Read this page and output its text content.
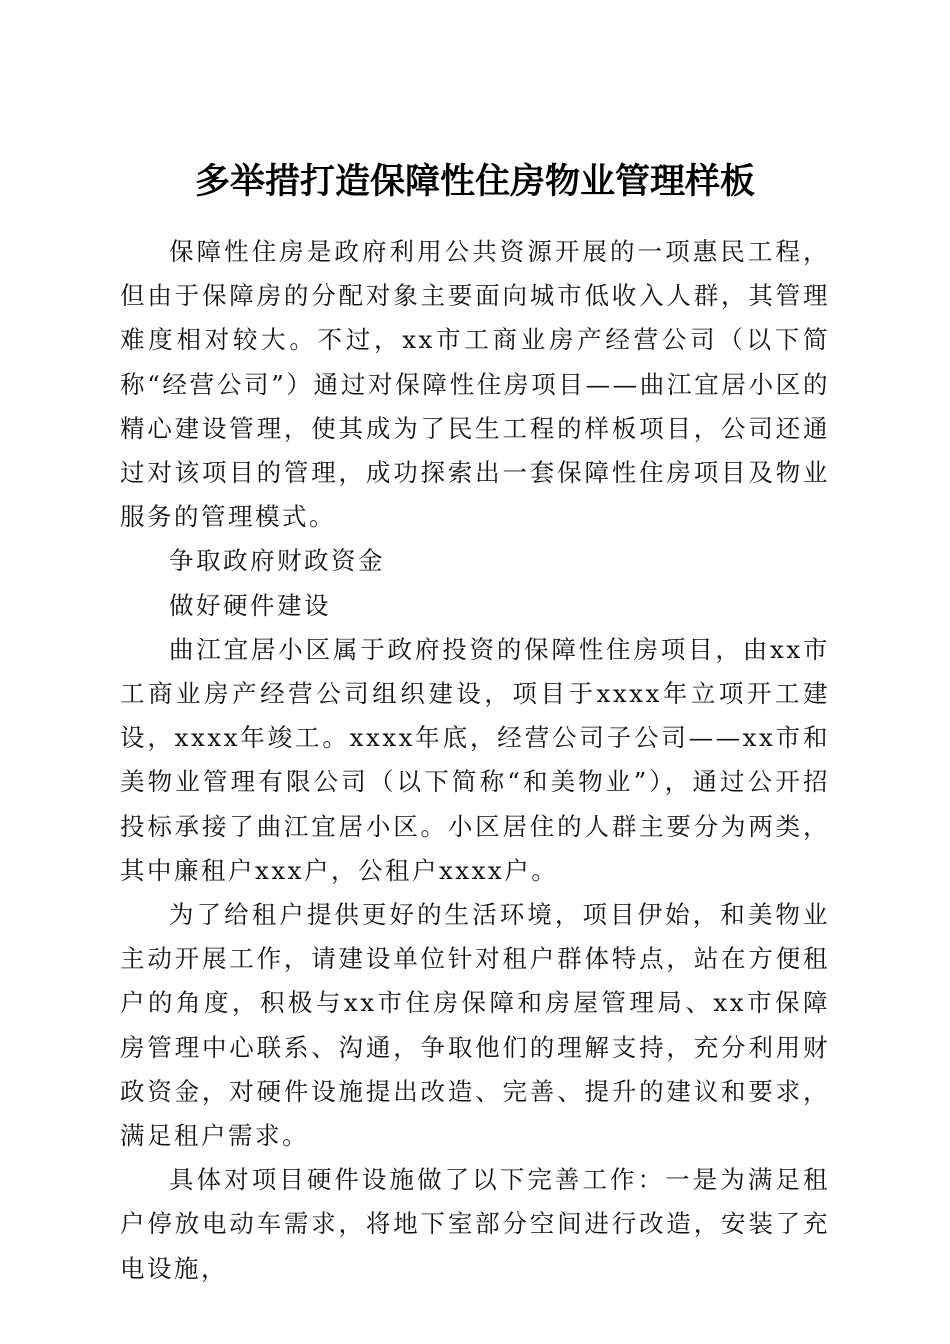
多举措打造保障性住房物业管理样板

保障性住房是政府利用公共资源开展的一项惠民工程，但由于保障房的分配对象主要面向城市低收入人群，其管理难度相对较大。不过，xx市工商业房产经营公司（以下简称“经营公司”）通过对保障性住房项目——曲江宜居小区的精心建设管理，使其成为了民生工程的样板项目，公司还通过对该项目的管理，成功探索出一套保障性住房项目及物业服务的管理模式。

争取政府财政资金

做好硬件建设

曲江宜居小区属于政府投资的保障性住房项目，由xx市工商业房产经营公司组织建设，项目于xxxx年立项开工建设，xxxx年竣工。xxxx年底，经营公司子公司——xx市和美物业管理有限公司（以下简称“和美物业”），通过公开招投标承接了曲江宜居小区。小区居住的人群主要分为两类，其中廉租户xxx户，公租户xxxx户。

为了给租户提供更好的生活环境，项目伊始，和美物业主动开展工作，请建设单位针对租户群体特点，站在方便租户的角度，积极与xx市住房保障和房屋管理局、xx市保障房管理中心联系、沟通，争取他们的理解支持，充分利用财政资金，对硬件设施提出改造、完善、提升的建议和要求，满足租户需求。

具体对项目硬件设施做了以下完善工作：一是为满足租户停放电动车需求，将地下室部分空间进行改造，安装了充电设施，
